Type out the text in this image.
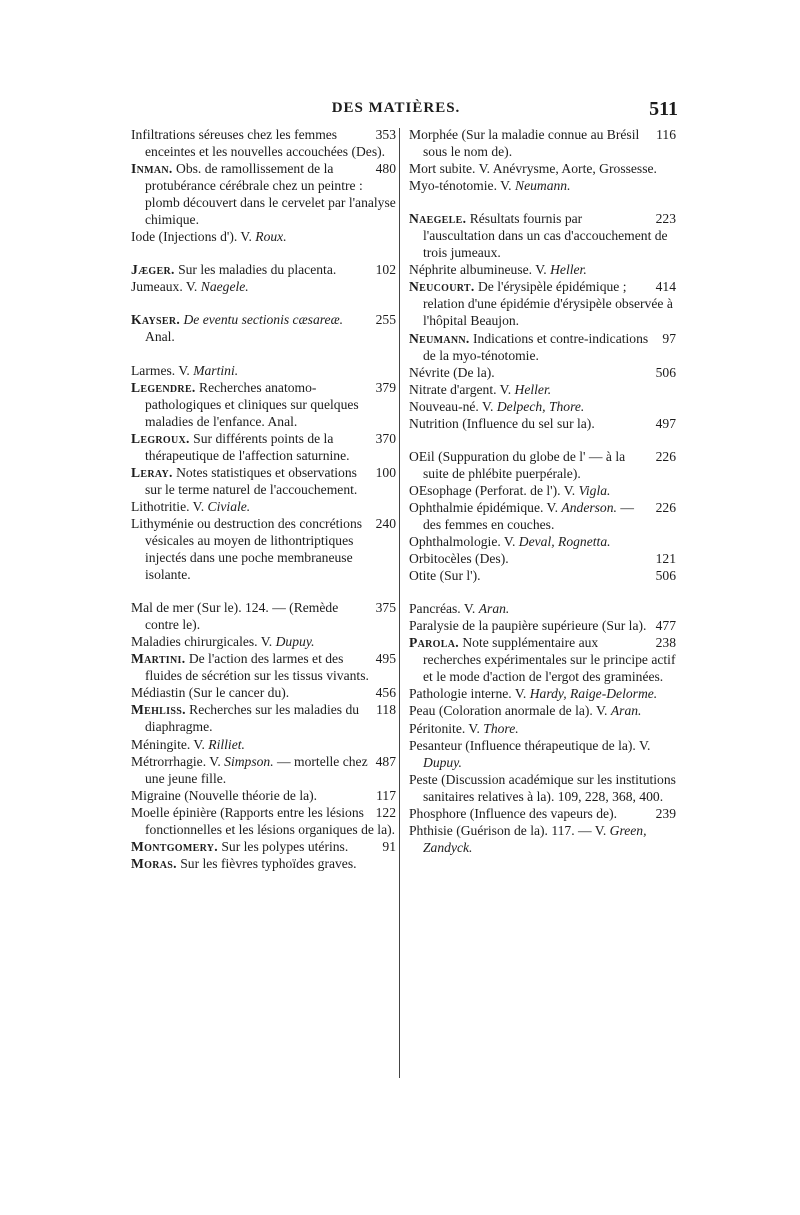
DES MATIÈRES.	511

353
Infiltrations séreuses chez les femmes enceintes et les nouvelles accouchées (Des).

480
Inman. Obs. de ramollissement de la protubérance cérébrale chez un peintre : plomb découvert dans le cervelet par l'analyse chimique.

Iode (Injections d'). V. Roux.

102
Jæger. Sur les maladies du placenta.

Jumeaux. V. Naegele.

255
Kayser. De eventu sectionis cæsareæ. Anal.

Larmes. V. Martini.

379
Legendre. Recherches anatomo-pathologiques et cliniques sur quelques maladies de l'enfance. Anal.

370
Legroux. Sur différents points de la thérapeutique de l'affection saturnine.

100
Leray. Notes statistiques et observations sur le terme naturel de l'accouchement.

Lithotritie. V. Civiale.

240
Lithyménie ou destruction des concrétions vésicales au moyen de lithontriptiques injectés dans une poche membraneuse isolante.

375
Mal de mer (Sur le). 124. — (Remède contre le).

Maladies chirurgicales. V. Dupuy.

495
Martini. De l'action des larmes et des fluides de sécrétion sur les tissus vivants.

456
Médiastin (Sur le cancer du).

118
Mehliss. Recherches sur les maladies du diaphragme.

Méningite. V. Rilliet.

487
Métrorrhagie. V. Simpson. — mortelle chez une jeune fille.

117
Migraine (Nouvelle théorie de la).

122
Moelle épinière (Rapports entre les lésions fonctionnelles et les lésions organiques de la).

91
Montgomery. Sur les polypes utérins.

Moras. Sur les fièvres typhoïdes graves.

116
Morphée (Sur la maladie connue au Brésil sous le nom de).

Mort subite. V. Anévrysme, Aorte, Grossesse.

Myo-ténotomie. V. Neumann.

223
Naegele. Résultats fournis par l'auscultation dans un cas d'accouchement de trois jumeaux.

Néphrite albumineuse. V. Heller.

414
Neucourt. De l'érysipèle épidémique ; relation d'une épidémie d'érysipèle observée à l'hôpital Beaujon.

97
Neumann. Indications et contre-indications de la myo-ténotomie.

506
Névrite (De la).

Nitrate d'argent. V. Heller.

Nouveau-né. V. Delpech, Thore.

497
Nutrition (Influence du sel sur la).

226
OEil (Suppuration du globe de l' — à la suite de phlébite puerpérale).

OEsophage (Perforat. de l'). V. Vigla.

226
Ophthalmie épidémique. V. Anderson. — des femmes en couches.

Ophthalmologie. V. Deval, Rognetta.

121
Orbitocèles (Des).

506
Otite (Sur l').

Pancréas. V. Aran.

477
Paralysie de la paupière supérieure (Sur la).

238
Parola. Note supplémentaire aux recherches expérimentales sur le principe actif et le mode d'action de l'ergot des graminées.

Pathologie interne. V. Hardy, Raige-Delorme.

Peau (Coloration anormale de la). V. Aran.

Péritonite. V. Thore.

Pesanteur (Influence thérapeutique de la). V. Dupuy.

Peste (Discussion académique sur les institutions sanitaires relatives à la). 109, 228, 368, 400.

239
Phosphore (Influence des vapeurs de).

Phthisie (Guérison de la). 117. — V. Green, Zandyck.
